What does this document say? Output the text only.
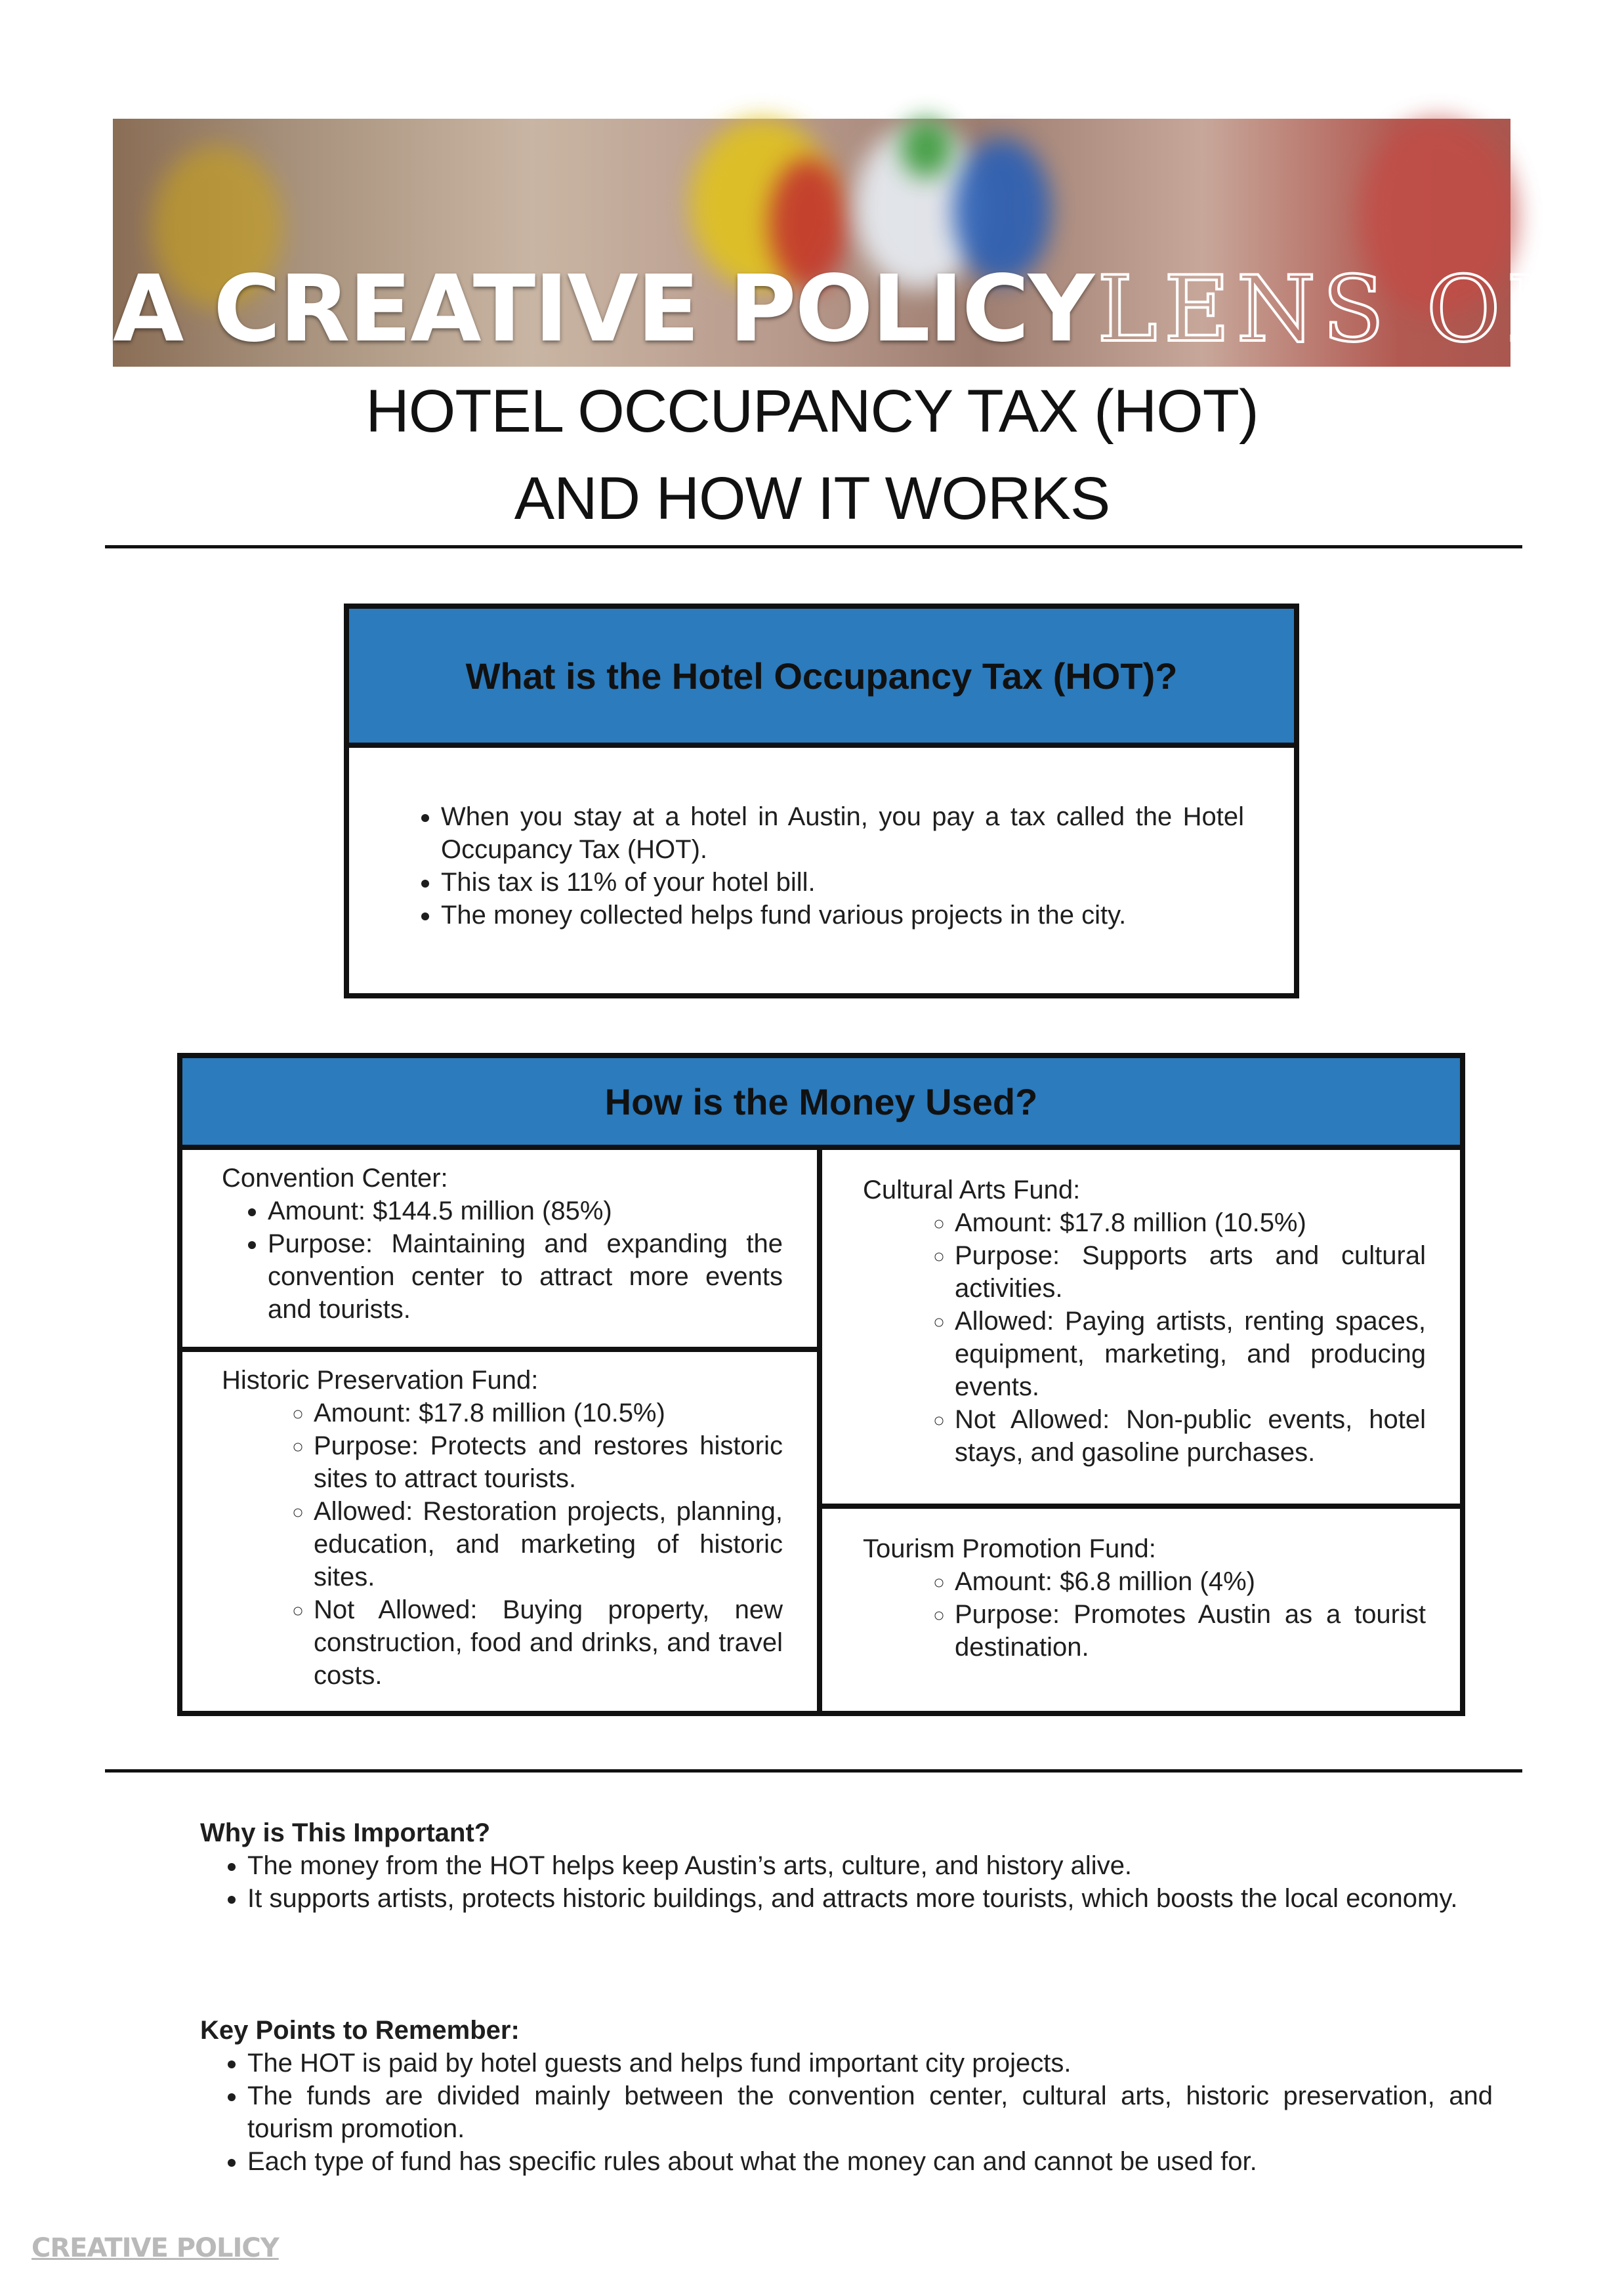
A CREATIVE POLICY LENS ON
HOTEL OCCUPANCY TAX (HOT)
AND HOW IT WORKS
What is the Hotel Occupancy Tax (HOT)?
• When you stay at a hotel in Austin, you pay a tax called the Hotel Occupancy Tax (HOT).
• This tax is 11% of your hotel bill.
• The money collected helps fund various projects in the city.
How is the Money Used?

Convention Center:

• Amount: $144.5 million (85%)
• Purpose: Maintaining and expanding the convention center to attract more events and tourists.

Historic Preservation Fund:

◦ Amount: $17.8 million (10.5%)
◦ Purpose: Protects and restores historic sites to attract tourists.
◦ Allowed: Restoration projects, planning, education, and marketing of historic sites.
◦ Not Allowed: Buying property, new construction, food and drinks, and travel costs.

Cultural Arts Fund:

◦ Amount: $17.8 million (10.5%)
◦ Purpose: Supports arts and cultural activities.
◦ Allowed: Paying artists, renting spaces, equipment, marketing, and producing events.
◦ Not Allowed: Non-public events, hotel stays, and gasoline purchases.

Tourism Promotion Fund:

◦ Amount: $6.8 million (4%)
◦ Purpose: Promotes Austin as a tourist destination.

Why is This Important?

• The money from the HOT helps keep Austin’s arts, culture, and history alive.
• It supports artists, protects historic buildings, and attracts more tourists, which boosts the local economy.

Key Points to Remember:

• The HOT is paid by hotel guests and helps fund important city projects.
• The funds are divided mainly between the convention center, cultural arts, historic preservation, and tourism promotion.
• Each type of fund has specific rules about what the money can and cannot be used for.
CREATIVE POLICY
